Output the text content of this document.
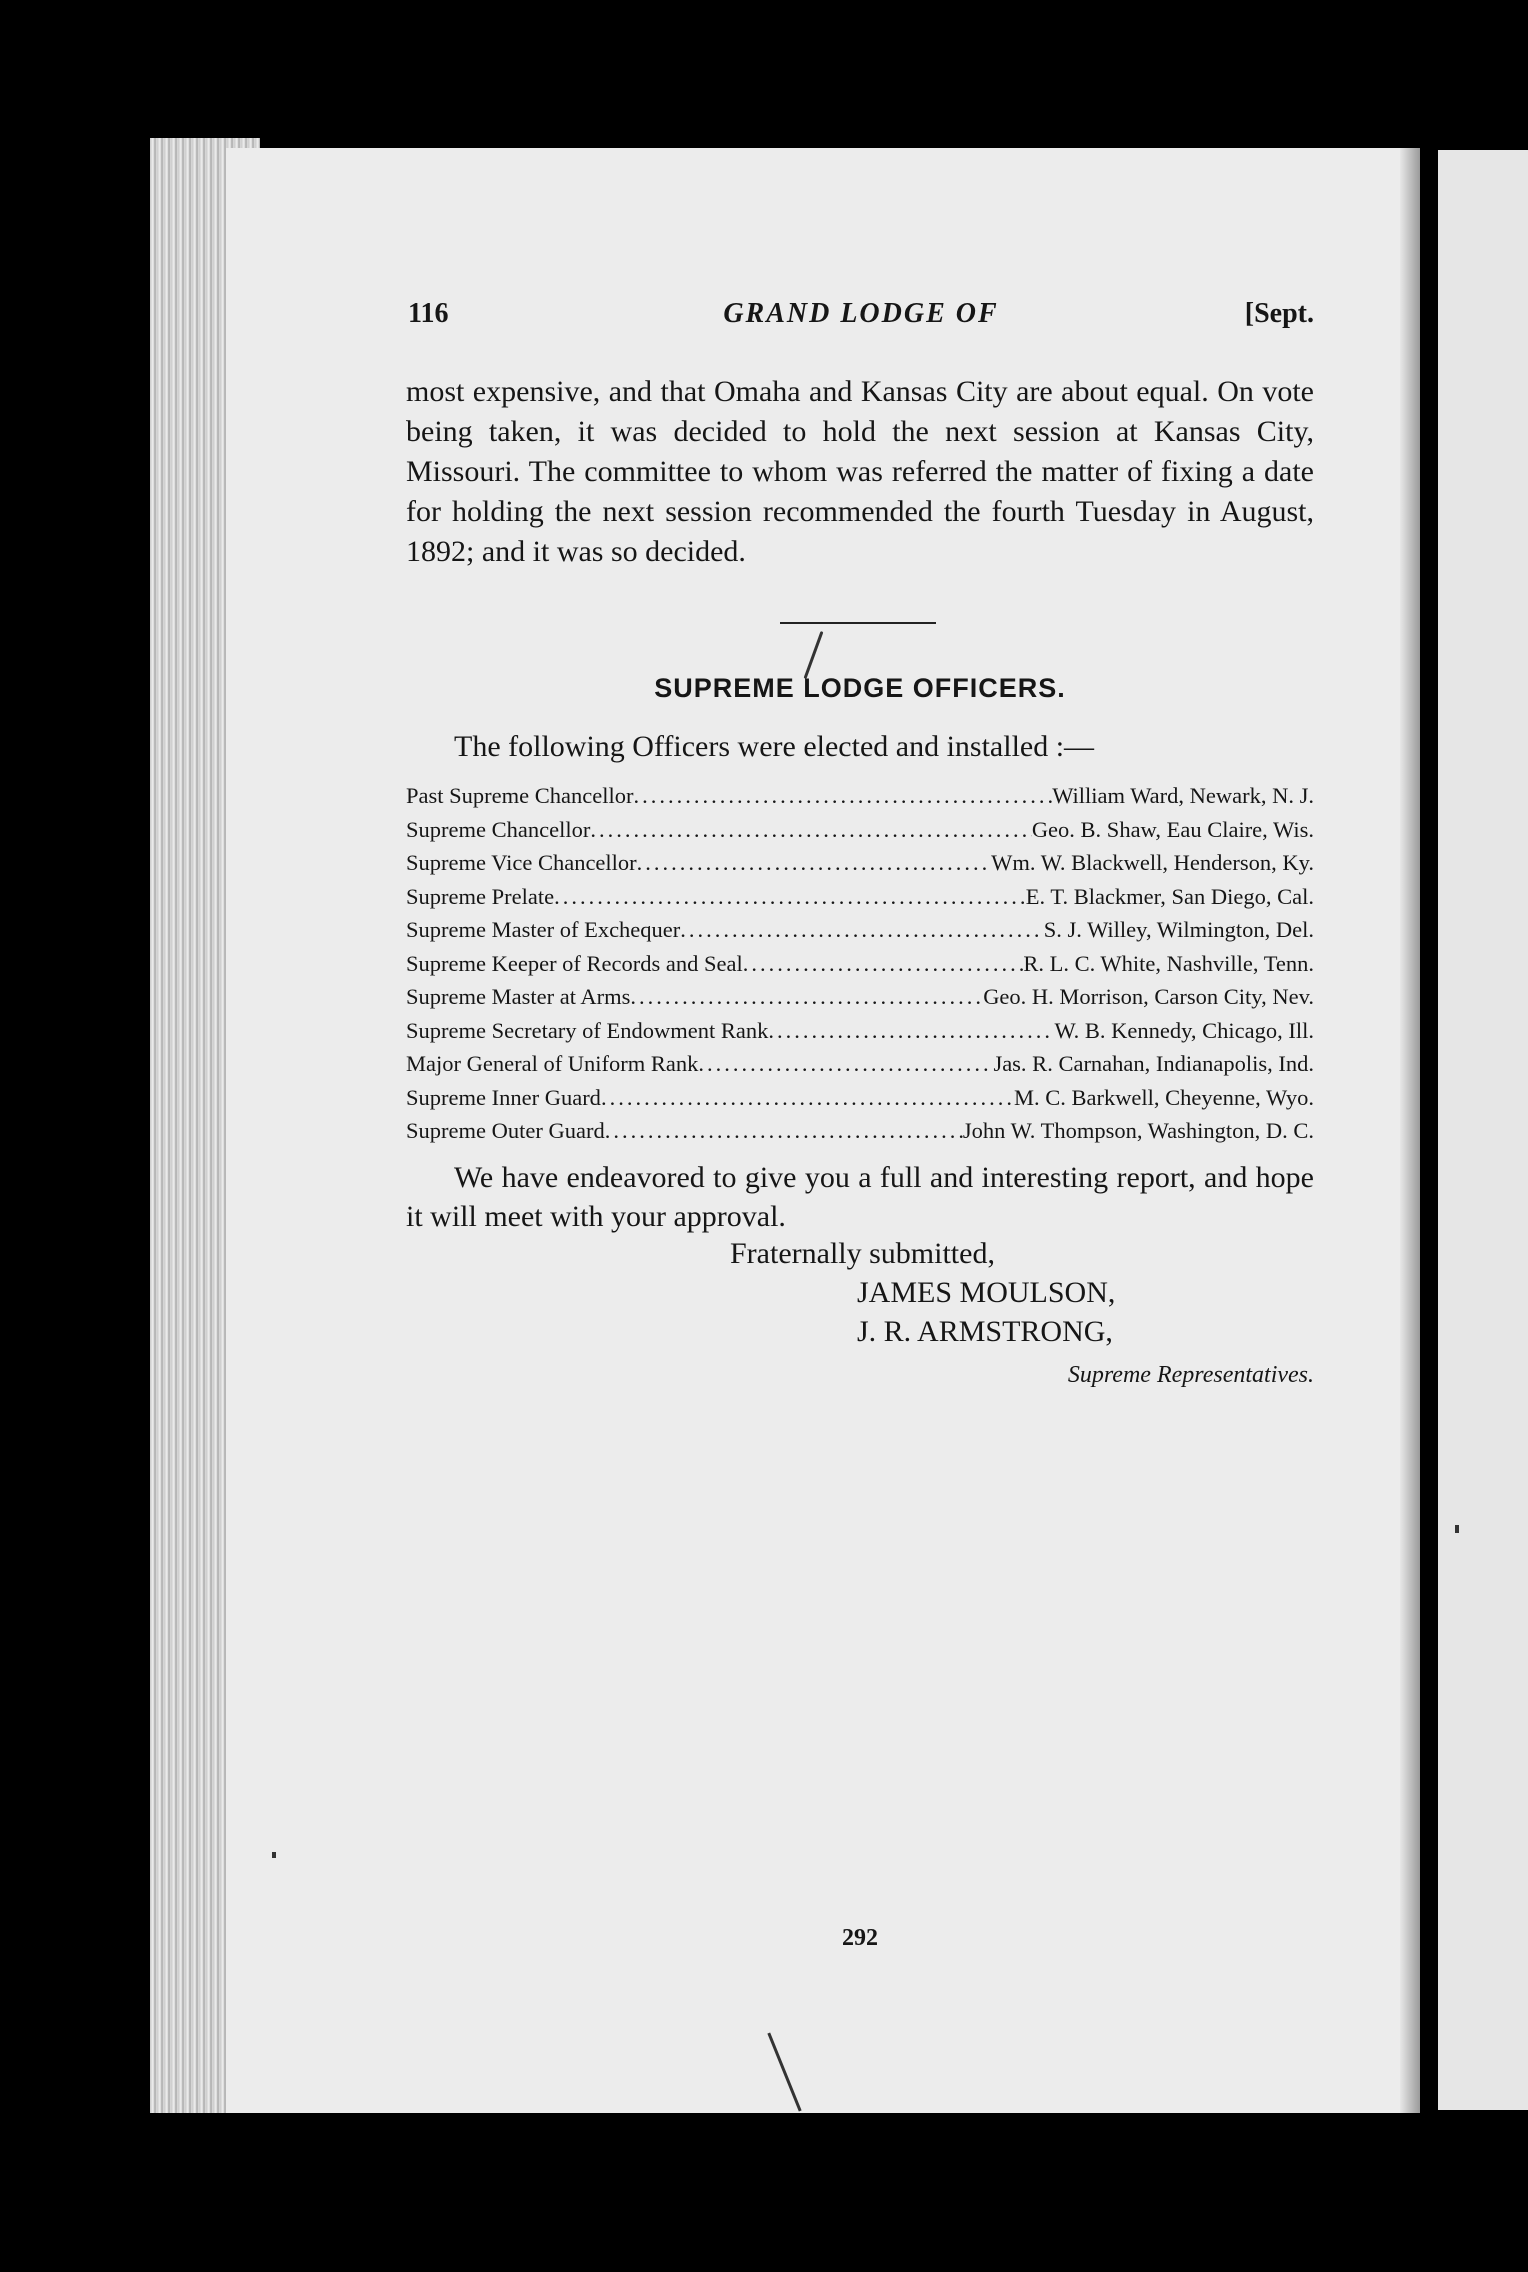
116	GRAND LODGE OF	[Sept.

most expensive, and that Omaha and Kansas City are about equal. On vote being taken, it was decided to hold the next session at Kansas City, Missouri. The committee to whom was referred the matter of fixing a date for holding the next session recommended the fourth Tuesday in August, 1892; and it was so decided.

SUPREME LODGE OFFICERS.
The following Officers were elected and installed :—
Past Supreme Chancellor .....	William Ward, Newark, N. J.
Supreme Chancellor .....	Geo. B. Shaw, Eau Claire, Wis.
Supreme Vice Chancellor .....	Wm. W. Blackwell, Henderson, Ky.
Supreme Prelate .....	E. T. Blackmer, San Diego, Cal.
Supreme Master of Exchequer .....	S. J. Willey, Wilmington, Del.
Supreme Keeper of Records and Seal .....	R. L. C. White, Nashville, Tenn.
Supreme Master at Arms .....	Geo. H. Morrison, Carson City, Nev.
Supreme Secretary of Endowment Rank .....	W. B. Kennedy, Chicago, Ill.
Major General of Uniform Rank .....	Jas. R. Carnahan, Indianapolis, Ind.
Supreme Inner Guard .....	M. C. Barkwell, Cheyenne, Wyo.
Supreme Outer Guard .....	John W. Thompson, Washington, D. C.
We have endeavored to give you a full and interesting report, and hope it will meet with your approval.
Fraternally submitted,
JAMES MOULSON,
J. R. ARMSTRONG,
Supreme Representatives.
292
